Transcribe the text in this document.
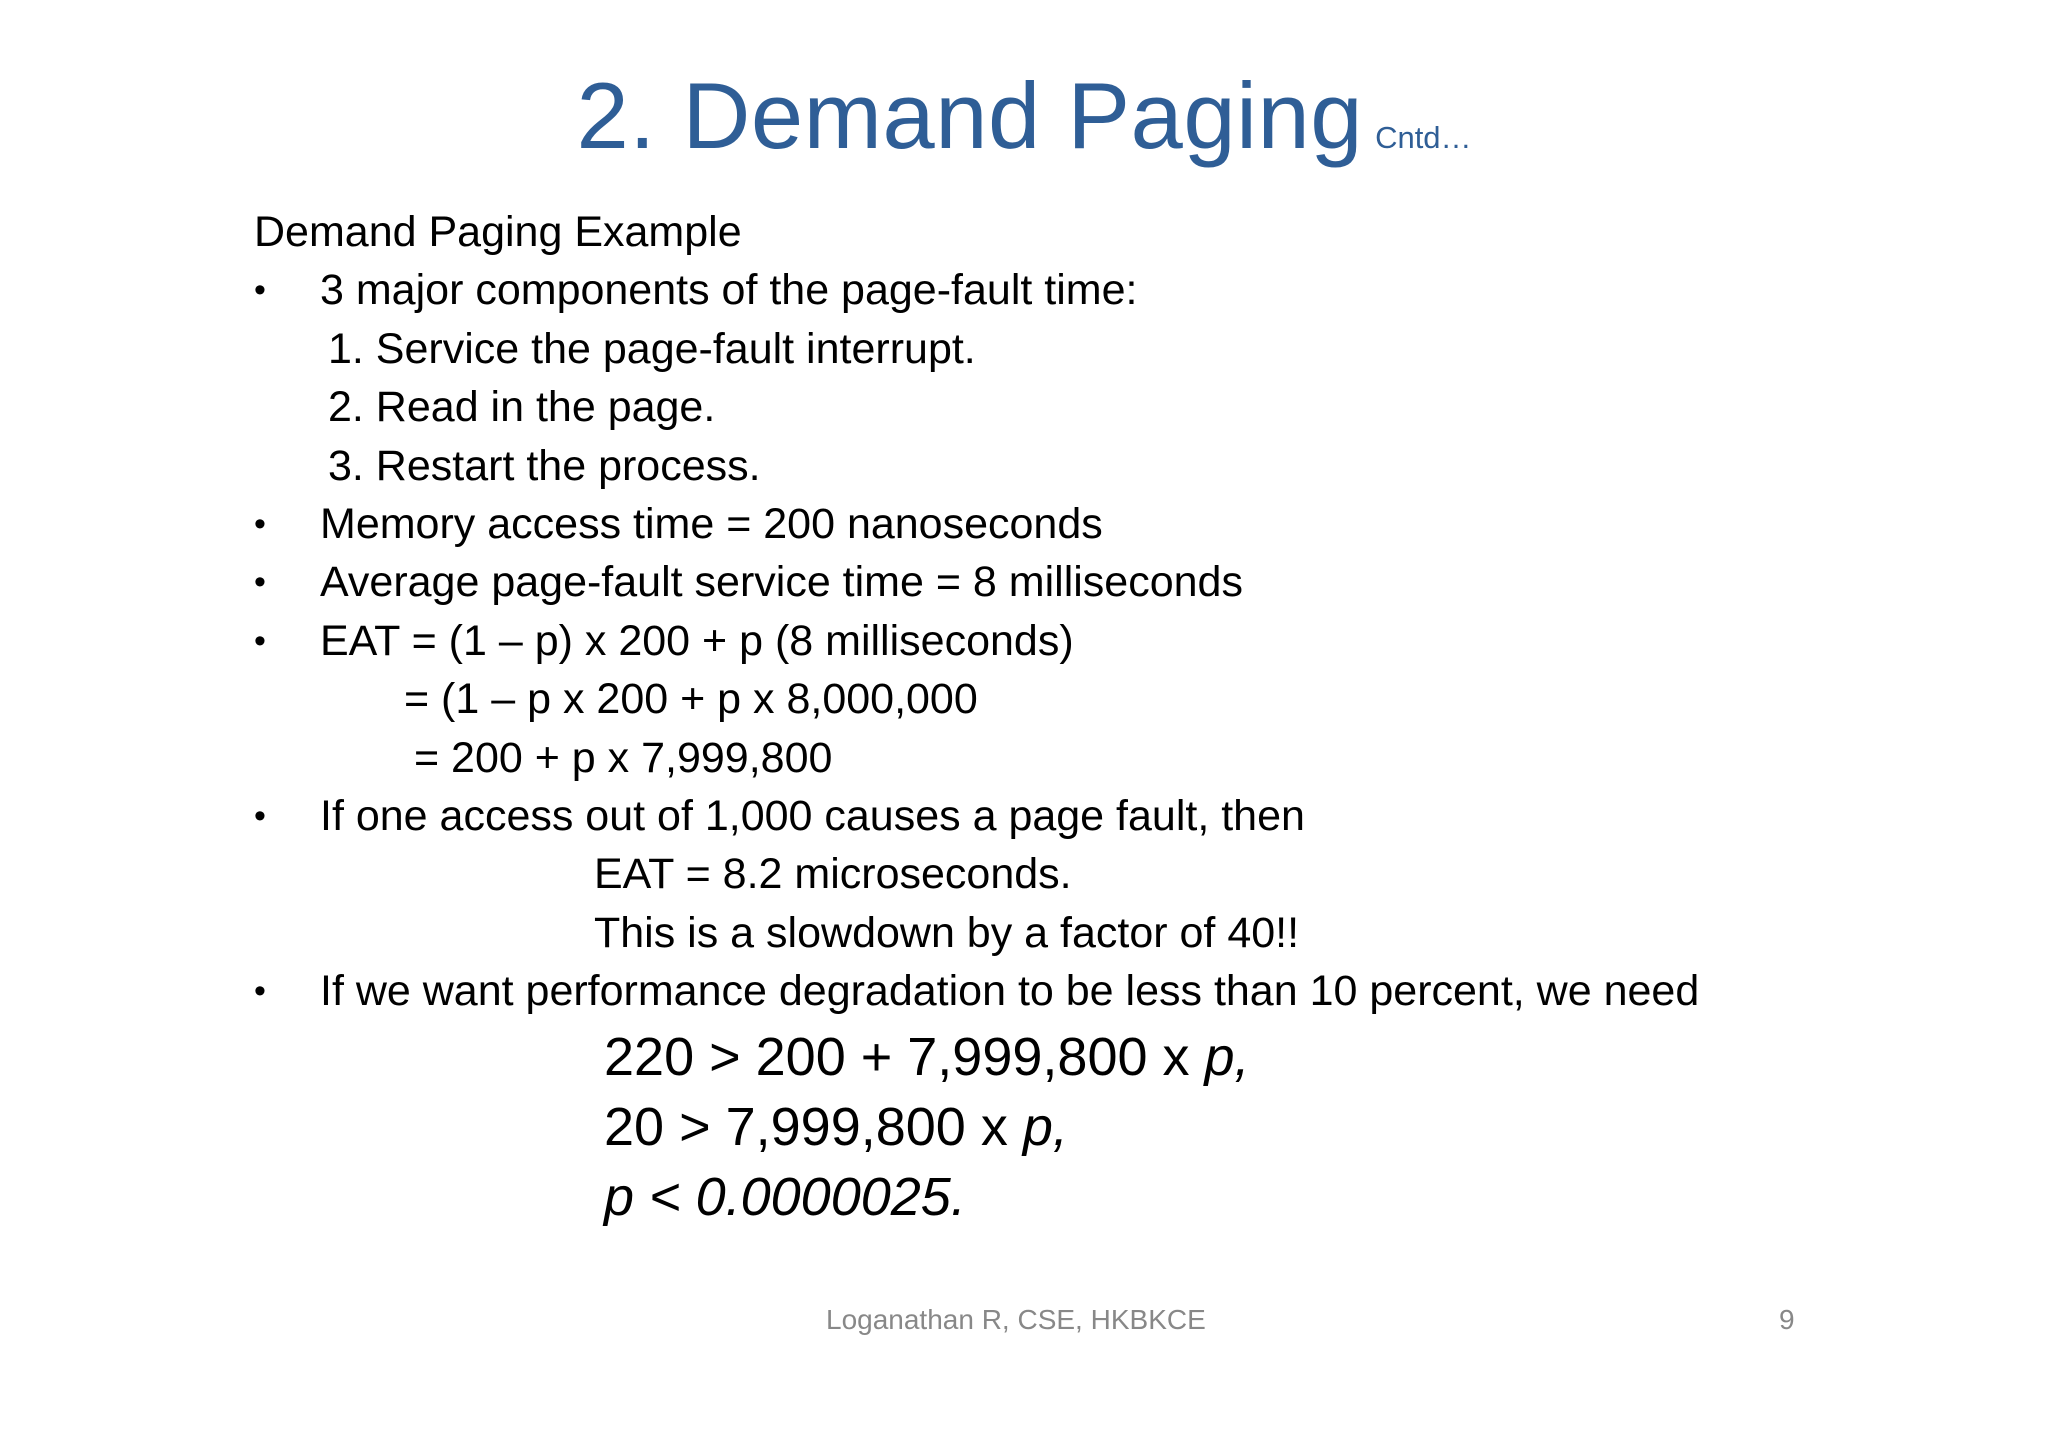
2. Demand Paging Cntd…
Demand Paging Example
• 3 major components of the page-fault time:
1. Service the page-fault interrupt.
2. Read in the page.
3. Restart the process.
• Memory access time = 200 nanoseconds
• Average page-fault service time = 8 milliseconds
• EAT = (1 – p) x 200 + p (8 milliseconds)
= (1 – p x 200 + p x 8,000,000
= 200 + p x 7,999,800
• If one access out of 1,000 causes a page fault, then
EAT = 8.2 microseconds.
This is a slowdown by a factor of 40!!
• If we want performance degradation to be less than 10 percent, we need
220 > 200 + 7,999,800 x p,
20 > 7,999,800 x p,
p < 0.0000025.
Loganathan R, CSE, HKBKCE	9
